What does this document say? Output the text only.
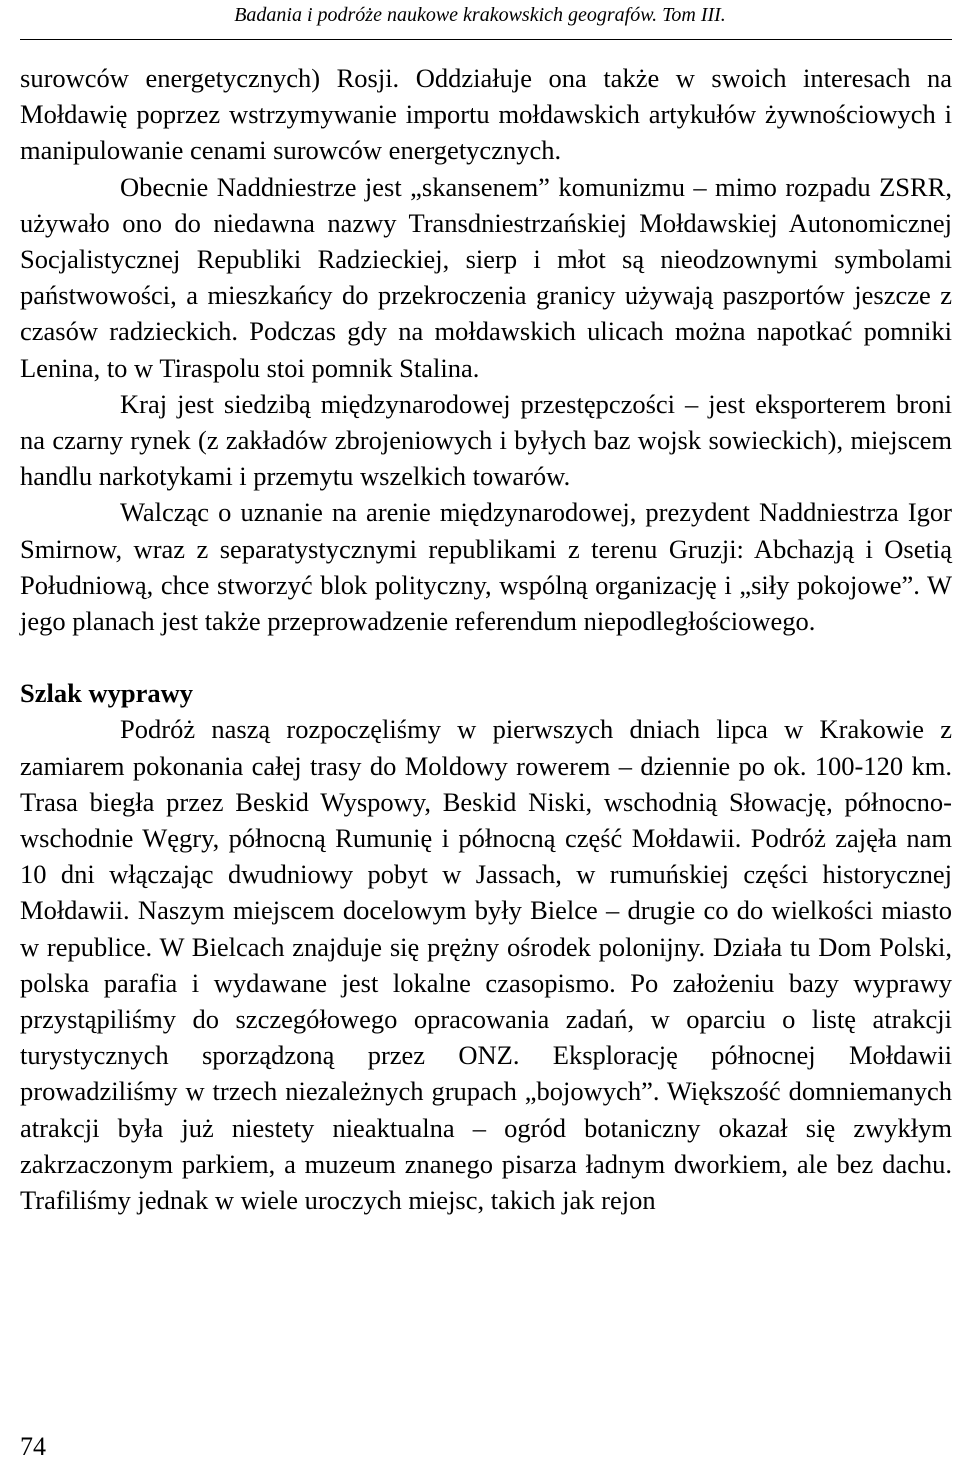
Badania i podróże naukowe krakowskich geografów. Tom III.

surowców energetycznych) Rosji. Oddziałuje ona także w swoich interesach na Mołdawię poprzez wstrzymywanie importu mołdawskich artykułów żywnościowych i manipulowanie cenami surowców energetycznych.

Obecnie Naddniestrze jest „skansenem” komunizmu – mimo rozpadu ZSRR, używało ono do niedawna nazwy Transdniestrzańskiej Mołdawskiej Autonomicznej Socjalistycznej Republiki Radzieckiej, sierp i młot są nieodzownymi symbolami państwowości, a mieszkańcy do przekroczenia granicy używają paszportów jeszcze z czasów radzieckich. Podczas gdy na mołdawskich ulicach można napotkać pomniki Lenina, to w Tiraspolu stoi pomnik Stalina.

Kraj jest siedzibą międzynarodowej przestępczości – jest eksporterem broni na czarny rynek (z zakładów zbrojeniowych i byłych baz wojsk sowieckich), miejscem handlu narkotykami i przemytu wszelkich towarów.

Walcząc o uznanie na arenie międzynarodowej, prezydent Naddniestrza Igor Smirnow, wraz z separatystycznymi republikami z terenu Gruzji: Abchazją i Osetią Południową, chce stworzyć blok polityczny, wspólną organizację i „siły pokojowe”. W jego planach jest także przeprowadzenie referendum niepodległościowego.

Szlak wyprawy

Podróż naszą rozpoczęliśmy w pierwszych dniach lipca w Krakowie z zamiarem pokonania całej trasy do Moldowy rowerem – dziennie po ok. 100-120 km. Trasa biegła przez Beskid Wyspowy, Beskid Niski, wschodnią Słowację, północno-wschodnie Węgry, północną Rumunię i północną część Mołdawii. Podróż zajęła nam 10 dni włączając dwudniowy pobyt w Jassach, w rumuńskiej części historycznej Mołdawii. Naszym miejscem docelowym były Bielce – drugie co do wielkości miasto w republice. W Bielcach znajduje się prężny ośrodek polonijny. Działa tu Dom Polski, polska parafia i wydawane jest lokalne czasopismo. Po założeniu bazy wyprawy przystąpiliśmy do szczegółowego opracowania zadań, w oparciu o listę atrakcji turystycznych sporządzoną przez ONZ. Eksplorację północnej Mołdawii prowadziliśmy w trzech niezależnych grupach „bojowych”. Większość domniemanych atrakcji była już niestety nieaktualna – ogród botaniczny okazał się zwykłym zakrzaczonym parkiem, a muzeum znanego pisarza ładnym dworkiem, ale bez dachu. Trafiliśmy jednak w wiele uroczych miejsc, takich jak rejon

74
